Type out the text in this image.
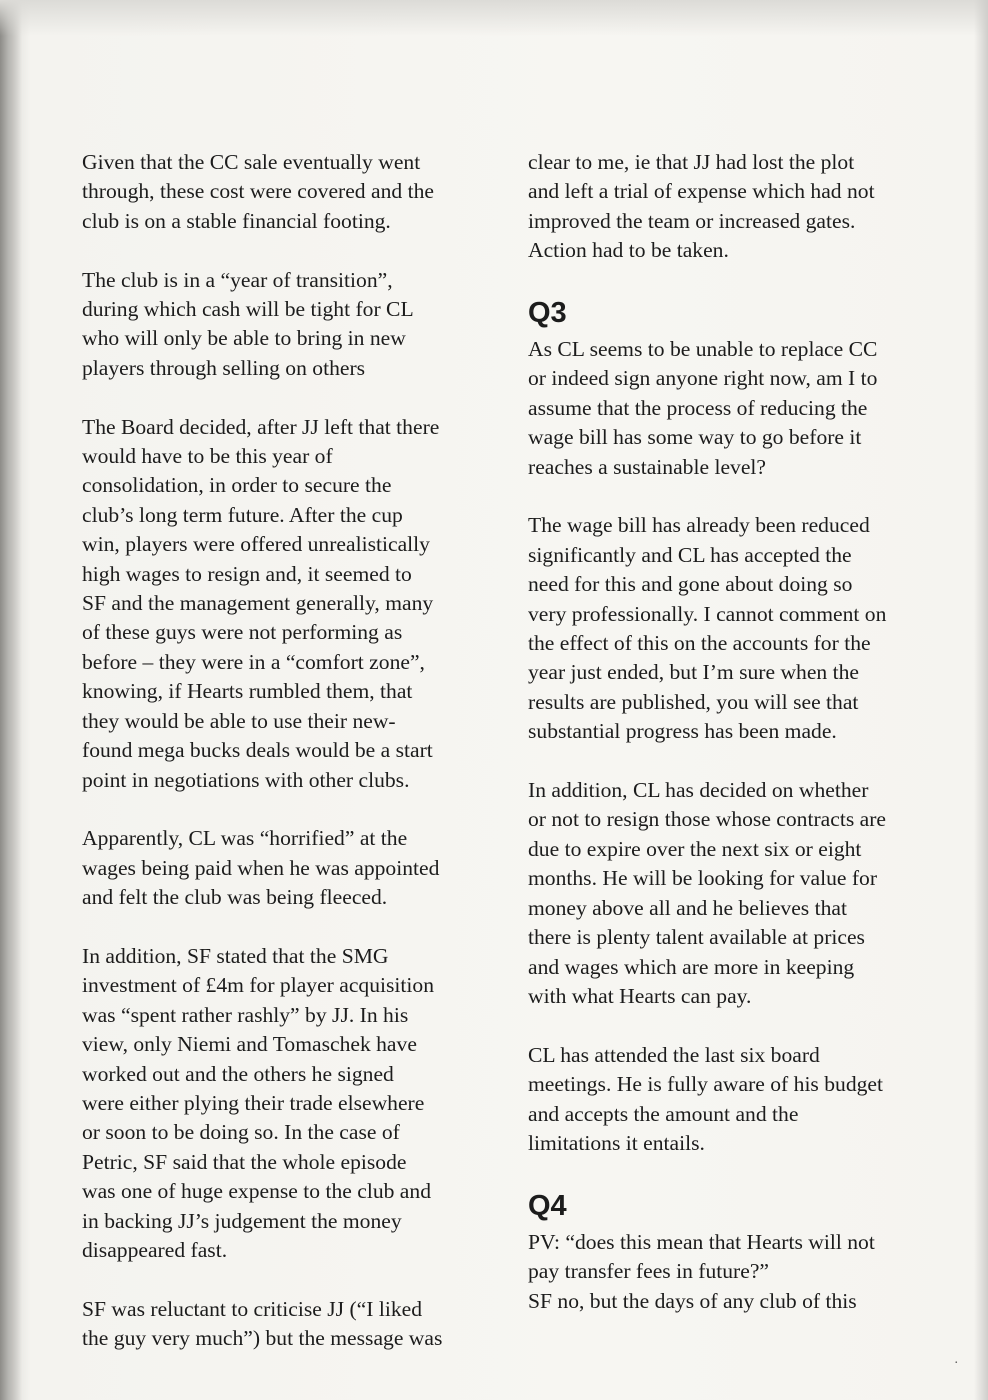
Given that the CC sale eventually went
through, these cost were covered and the
club is on a stable financial footing.

The club is in a “year of transition”,
during which cash will be tight for CL
who will only be able to bring in new
players through selling on others

The Board decided, after JJ left that there
would have to be this year of
consolidation, in order to secure the
club’s long term future. After the cup
win, players were offered unrealistically
high wages to resign and, it seemed to
SF and the management generally, many
of these guys were not performing as
before – they were in a “comfort zone”,
knowing, if Hearts rumbled them, that
they would be able to use their new-
found mega bucks deals would be a start
point in negotiations with other clubs.

Apparently, CL was “horrified” at the
wages being paid when he was appointed
and felt the club was being fleeced.

In addition, SF stated that the SMG
investment of £4m for player acquisition
was “spent rather rashly” by JJ. In his
view, only Niemi and Tomaschek have
worked out and the others he signed
were either plying their trade elsewhere
or soon to be doing so. In the case of
Petric, SF said that the whole episode
was one of huge expense to the club and
in backing JJ’s judgement the money
disappeared fast.

SF was reluctant to criticise JJ (“I liked
the guy very much”) but the message was

clear to me, ie that JJ had lost the plot
and left a trial of expense which had not
improved the team or increased gates.
Action had to be taken.

Q3

As CL seems to be unable to replace CC
or indeed sign anyone right now, am I to
assume that the process of reducing the
wage bill has some way to go before it
reaches a sustainable level?

The wage bill has already been reduced
significantly and CL has accepted the
need for this and gone about doing so
very professionally. I cannot comment on
the effect of this on the accounts for the
year just ended, but I’m sure when the
results are published, you will see that
substantial progress has been made.

In addition, CL has decided on whether
or not to resign those whose contracts are
due to expire over the next six or eight
months. He will be looking for value for
money above all and he believes that
there is plenty talent available at prices
and wages which are more in keeping
with what Hearts can pay.

CL has attended the last six board
meetings. He is fully aware of his budget
and accepts the amount and the
limitations it entails.

Q4

PV: “does this mean that Hearts will not
pay transfer fees in future?”
SF no, but the days of any club of this

.
